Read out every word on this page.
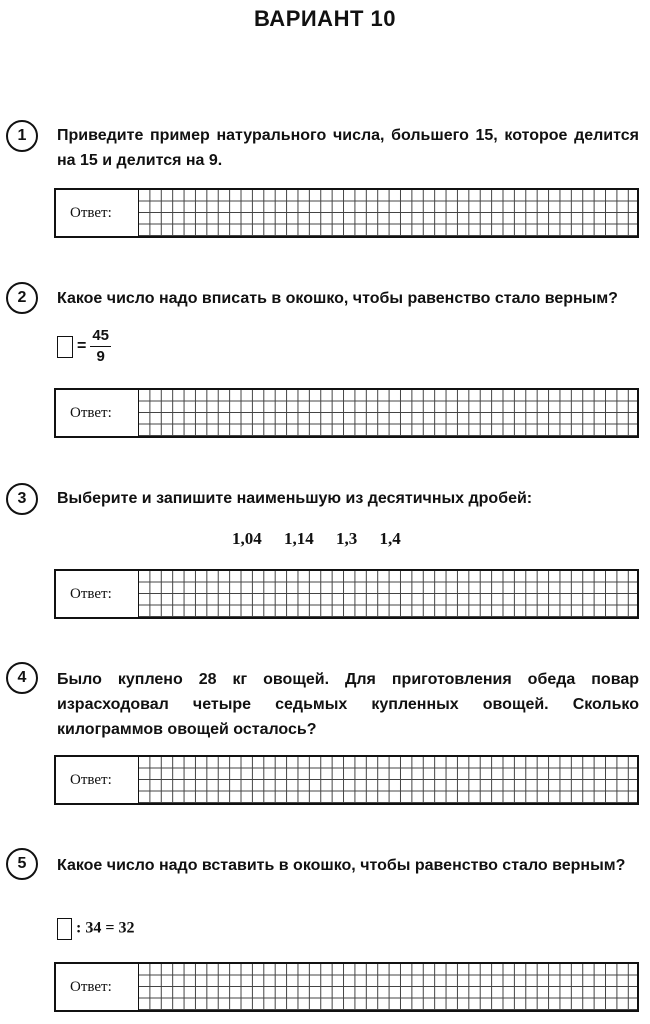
ВАРИАНТ 10
1	Приведите пример натурального числа, большего 15, которое делится на 15 и делится на 9.
Ответ:
2	Какое число надо вписать в окошко, чтобы равенство стало верным?
= $\frac{45}{9}$
Ответ:
3	Выберите и запишите наименьшую из десятичных дробей:
1,04 1,14 1,3 1,4
Ответ:
4	Было куплено 28 кг овощей. Для приготовления обеда повар израсходовал четыре седьмых купленных овощей. Сколько килограммов овощей осталось?
Ответ:
5	Какое число надо вставить в окошко, чтобы равенство стало верным?
: 34 = 32
Ответ:
